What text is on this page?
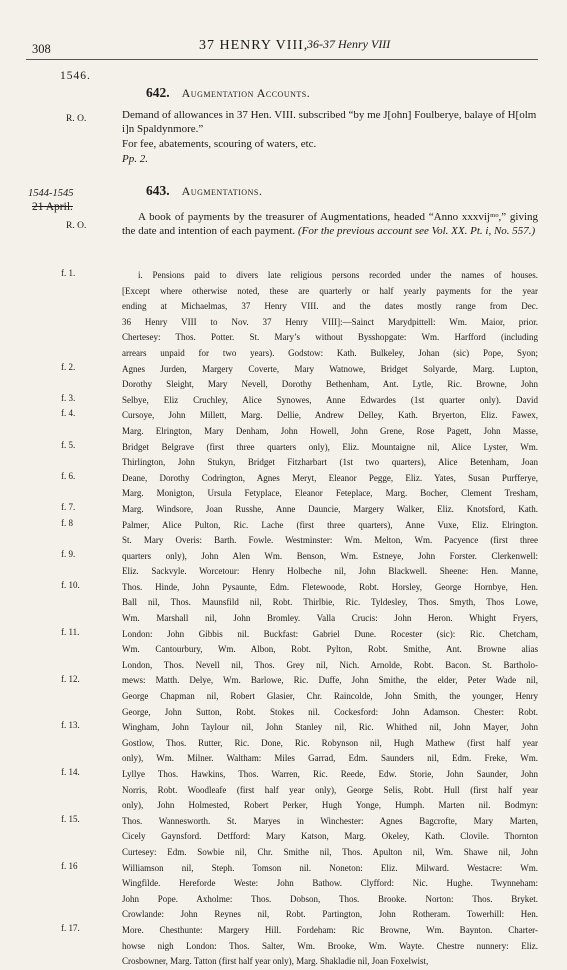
308	37 HENRY VIII,
36-37 Henry VIII
1546.
R. O.
1544-1545
21 April.
R. O.
642. Augmentation Accounts.
Demand of allowances in 37 Hen. VIII. subscribed “by me J[ohn] Foulberye, balaye of H[olm i]n Spaldynmore.”
For fee, abatements, scouring of waters, etc.
Pp. 2.
643. Augmentations.
A book of payments by the treasurer of Augmentations, headed “Anno xxxvijᵐᵒ,” giving the date and intention of each payment. (For the previous account see Vol. XX. Pt. i, No. 557.)
i. Pensions paid to divers late religious persons recorded under the names of houses.
[Except where otherwise noted, these are quarterly or half yearly payments for the year
ending at Michaelmas, 37 Henry VIII. and the dates mostly range from Dec.
36 Henry VIII to Nov. 37 Henry VIII]:—Sainct Marydpittell: Wm. Maior, prior.
Chertesey: Thos. Potter. St. Mary’s without Bysshopgate: Wm. Harfford (including
arrears unpaid for two years). Godstow: Kath. Bulkeley, Johan (sic) Pope, Syon;
Agnes Jurden, Margery Coverte, Mary Watnowe, Bridget Solyarde, Marg. Lupton,
Dorothy Sleight, Mary Nevell, Dorothy Bethenham, Ant. Lytle, Ric. Browne, John
Selbye, Eliz Cruchley, Alice Synowes, Anne Edwardes (1st quarter only). David
Cursoye, John Millett, Marg. Dellie, Andrew Delley, Kath. Bryerton, Eliz. Fawex,
Marg. Elrington, Mary Denham, John Howell, John Grene, Rose Pagett, John Masse,
Bridget Belgrave (first three quarters only), Eliz. Mountaigne nil, Alice Lyster, Wm.
Thirlington, John Stukyn, Bridget Fitzharbart (1st two quarters), Alice Betenham, Joan
Deane, Dorothy Codrington, Agnes Meryt, Eleanor Pegge, Eliz. Yates, Susan Purfferye,
Marg. Monigton, Ursula Fetyplace, Eleanor Feteplace, Marg. Bocher, Clement Tresham,
Marg. Windsore, Joan Russhe, Anne Dauncie, Margery Walker, Eliz. Knotsford, Kath.
Palmer, Alice Pulton, Ric. Lache (first three quarters), Anne Vuxe, Eliz. Elrington.
St. Mary Overis: Barth. Fowle. Westminster: Wm. Melton, Wm. Pacyence (first three
quarters only), John Alen Wm. Benson, Wm. Estneye, John Forster. Clerkenwell:
Eliz. Sackvyle. Worcetour: Henry Holbeche nil, John Blackwell. Sheene: Hen. Manne,
Thos. Hinde, John Pysaunte, Edm. Fletewoode, Robt. Horsley, George Hornbye, Hen.
Ball nil, Thos. Maunsfild nil, Robt. Thirlbie, Ric. Tyldesley, Thos. Smyth, Thos Lowe,
Wm. Marshall nil, John Bromley. Valla Crucis: John Heron. Whight Fryers,
London: John Gibbis nil. Buckfast: Gabriel Dune. Rocester (sic): Ric. Chetcham,
Wm. Cantourbury, Wm. Albon, Robt. Pylton, Robt. Smithe, Ant. Browne alias
London, Thos. Nevell nil, Thos. Grey nil, Nich. Arnolde, Robt. Bacon. St. Bartholo-
mews: Matth. Delye, Wm. Barlowe, Ric. Duffe, John Smithe, the elder, Peter Wade nil,
George Chapman nil, Robert Glasier, Chr. Raincolde, John Smith, the younger, Henry
George, John Sutton, Robt. Stokes nil. Cockesford: John Adamson. Chester: Robt.
Wingham, John Taylour nil, John Stanley nil, Ric. Whithed nil, John Mayer, John
Gostlow, Thos. Rutter, Ric. Done, Ric. Robynson nil, Hugh Mathew (first half year
only), Wm. Milner. Waltham: Miles Garrad, Edm. Saunders nil, Edm. Freke, Wm.
Lyllye Thos. Hawkins, Thos. Warren, Ric. Reede, Edw. Storie, John Saunder, John
Norris, Robt. Woodleafe (first half year only), George Selis, Robt. Hull (first half year
only), John Holmested, Robert Perker, Hugh Yonge, Humph. Marten nil. Bodmyn:
Thos. Wannesworth. St. Maryes in Winchester: Agnes Bagcrofte, Mary Marten,
Cicely Gaynsford. Detfford: Mary Katson, Marg. Okeley, Kath. Clovile. Thornton
Curtesey: Edm. Sowbie nil, Chr. Smithe nil, Thos. Apulton nil, Wm. Shawe nil, John
Williamson nil, Steph. Tomson nil. Noneton: Eliz. Milward. Westacre: Wm.
Wingfilde. Hereforde Weste: John Bathow. Clyfford: Nic. Hughe. Twynneham:
John Pope. Axholme: Thos. Dobson, Thos. Brooke. Norton: Thos. Bryket.
Crowlande: John Reynes nil, Robt. Partington, John Rotheram. Towerhill: Hen.
More. Chesthunte: Margery Hill. Fordeham: Ric Browne, Wm. Baynton. Charter-
howse nigh London: Thos. Salter, Wm. Brooke, Wm. Wayte. Chestre nunnery: Eliz.
Crosbowner, Marg. Tatton (first half year only), Marg. Shakladie nil, Joan Foxelwist,
f. 1.
f. 2.
f. 3.
f. 4.
f. 5.
f. 6.
f. 7.
f. 8
f. 9.
f. 10.
f. 11.
f. 12.
f. 13.
f. 14.
f. 15.
f. 16
f. 17.
